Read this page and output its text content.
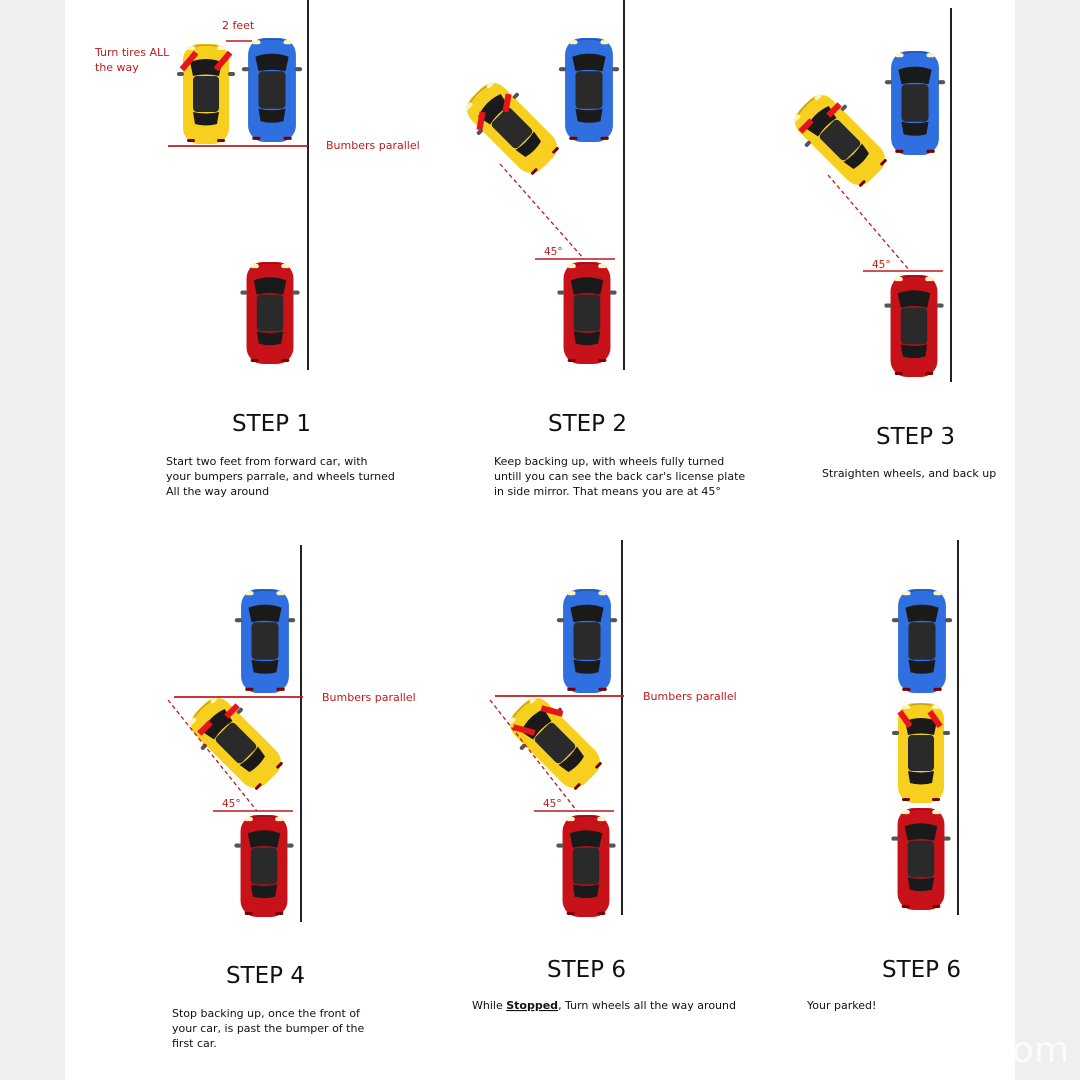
Turn tires ALL
the way
2 feet
Bumbers parallel
STEP 1
Start two feet from forward car, with
your bumpers parrale, and wheels turned
All the way around
45°
STEP 2
Keep backing up, with wheels fully turned
untill you can see the back car's license plate
in side mirror. That means you are at 45°
45°
STEP 3
Straighten wheels, and back up
Bumbers parallel
45°
STEP 4
Stop backing up, once the front of
your car, is past the bumper of the
first car.
Bumbers parallel
45°
STEP 6
While Stopped, Turn wheels all the way around
STEP 6
Your parked!
om
